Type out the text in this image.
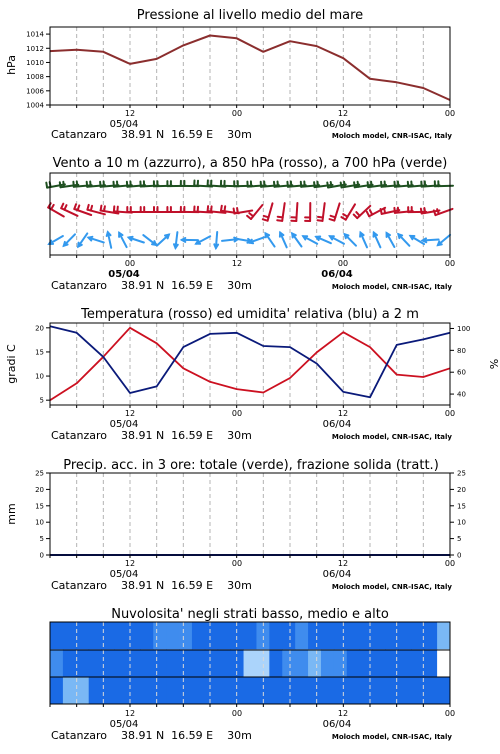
Pressione al livello medio del mare
1014
1012
1010
1008
1006
1004
hPa
12	00	12	00
05/04	06/04
Catanzaro    38.91 N  16.59 E    30m	Moloch model, CNR-ISAC, Italy
Vento a 10 m (azzurro), a 850 hPa (rosso), a 700 hPa (verde)
00	12	00	00
05/04	06/04
Catanzaro    38.91 N  16.59 E    30m	Moloch model, CNR-ISAC, Italy
Temperatura (rosso) ed umidita' relativa (blu) a 2 m
20
15
10
5
100
80
60
40
gradi C	%
12	00	12	00
05/04	06/04
Catanzaro    38.91 N  16.59 E    30m	Moloch model, CNR-ISAC, Italy
Precip. acc. in 3 ore: totale (verde), frazione solida (tratt.)
25
20
15
10
5
0
25
20
15
10
5
0
mm
12	00	12	00
05/04	06/04
Catanzaro    38.91 N  16.59 E    30m	Moloch model, CNR-ISAC, Italy
Nuvolosita' negli strati basso, medio e alto
12	00	12	00
05/04	06/04
Catanzaro    38.91 N  16.59 E    30m	Moloch model, CNR-ISAC, Italy
